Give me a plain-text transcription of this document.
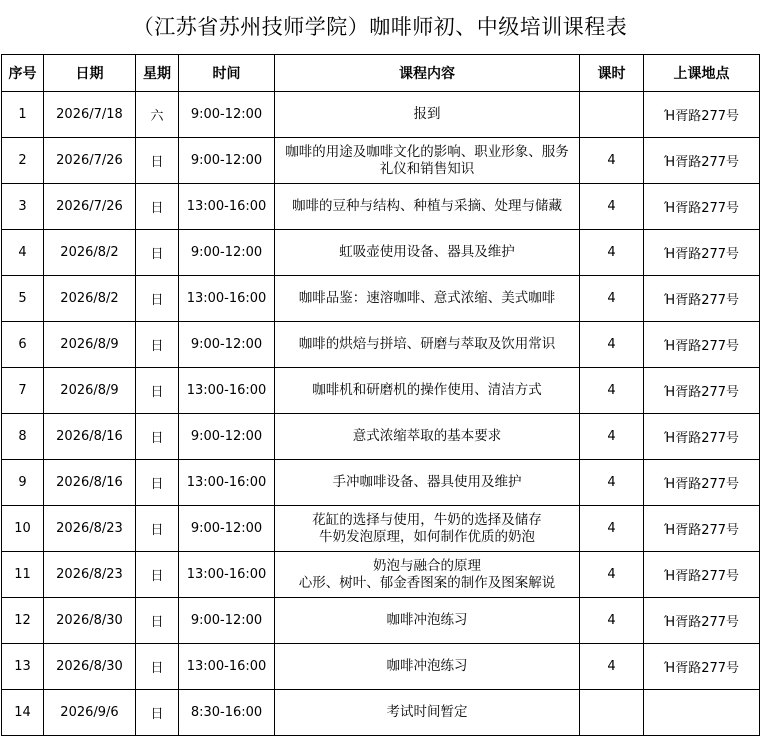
（江苏省苏州技师学院）咖啡师初、中级培训课程表
序号	日期	星期	时间	课程内容	课时	上课地点
1	2026/7/18	六	9:00-12:00	报到		Ή胥路277号
2	2026/7/26	日	9:00-12:00	咖啡的用途及咖啡文化的影响、职业形象、服务
礼仪和销售知识	4	Ή胥路277号
3	2026/7/26	日	13:00-16:00	咖啡的豆种与结构、种植与采摘、处理与储藏	4	Ή胥路277号
4	2026/8/2	日	9:00-12:00	虹吸壶使用设备、器具及维护	4	Ή胥路277号
5	2026/8/2	日	13:00-16:00	咖啡品鉴：速溶咖啡、意式浓缩、美式咖啡	4	Ή胥路277号
6	2026/8/9	日	9:00-12:00	咖啡的烘焙与拼培、研磨与萃取及饮用常识	4	Ή胥路277号
7	2026/8/9	日	13:00-16:00	咖啡机和研磨机的操作使用、清洁方式	4	Ή胥路277号
8	2026/8/16	日	9:00-12:00	意式浓缩萃取的基本要求	4	Ή胥路277号
9	2026/8/16	日	13:00-16:00	手冲咖啡设备、器具使用及维护	4	Ή胥路277号
10	2026/8/23	日	9:00-12:00	花缸的选择与使用，牛奶的选择及储存
牛奶发泡原理，如何制作优质的奶泡	4	Ή胥路277号
11	2026/8/23	日	13:00-16:00	奶泡与融合的原理
心形、树叶、郁金香图案的制作及图案解说	4	Ή胥路277号
12	2026/8/30	日	9:00-12:00	咖啡冲泡练习	4	Ή胥路277号
13	2026/8/30	日	13:00-16:00	咖啡冲泡练习	4	Ή胥路277号
14	2026/9/6	日	8:30-16:00	考试时间暂定		
